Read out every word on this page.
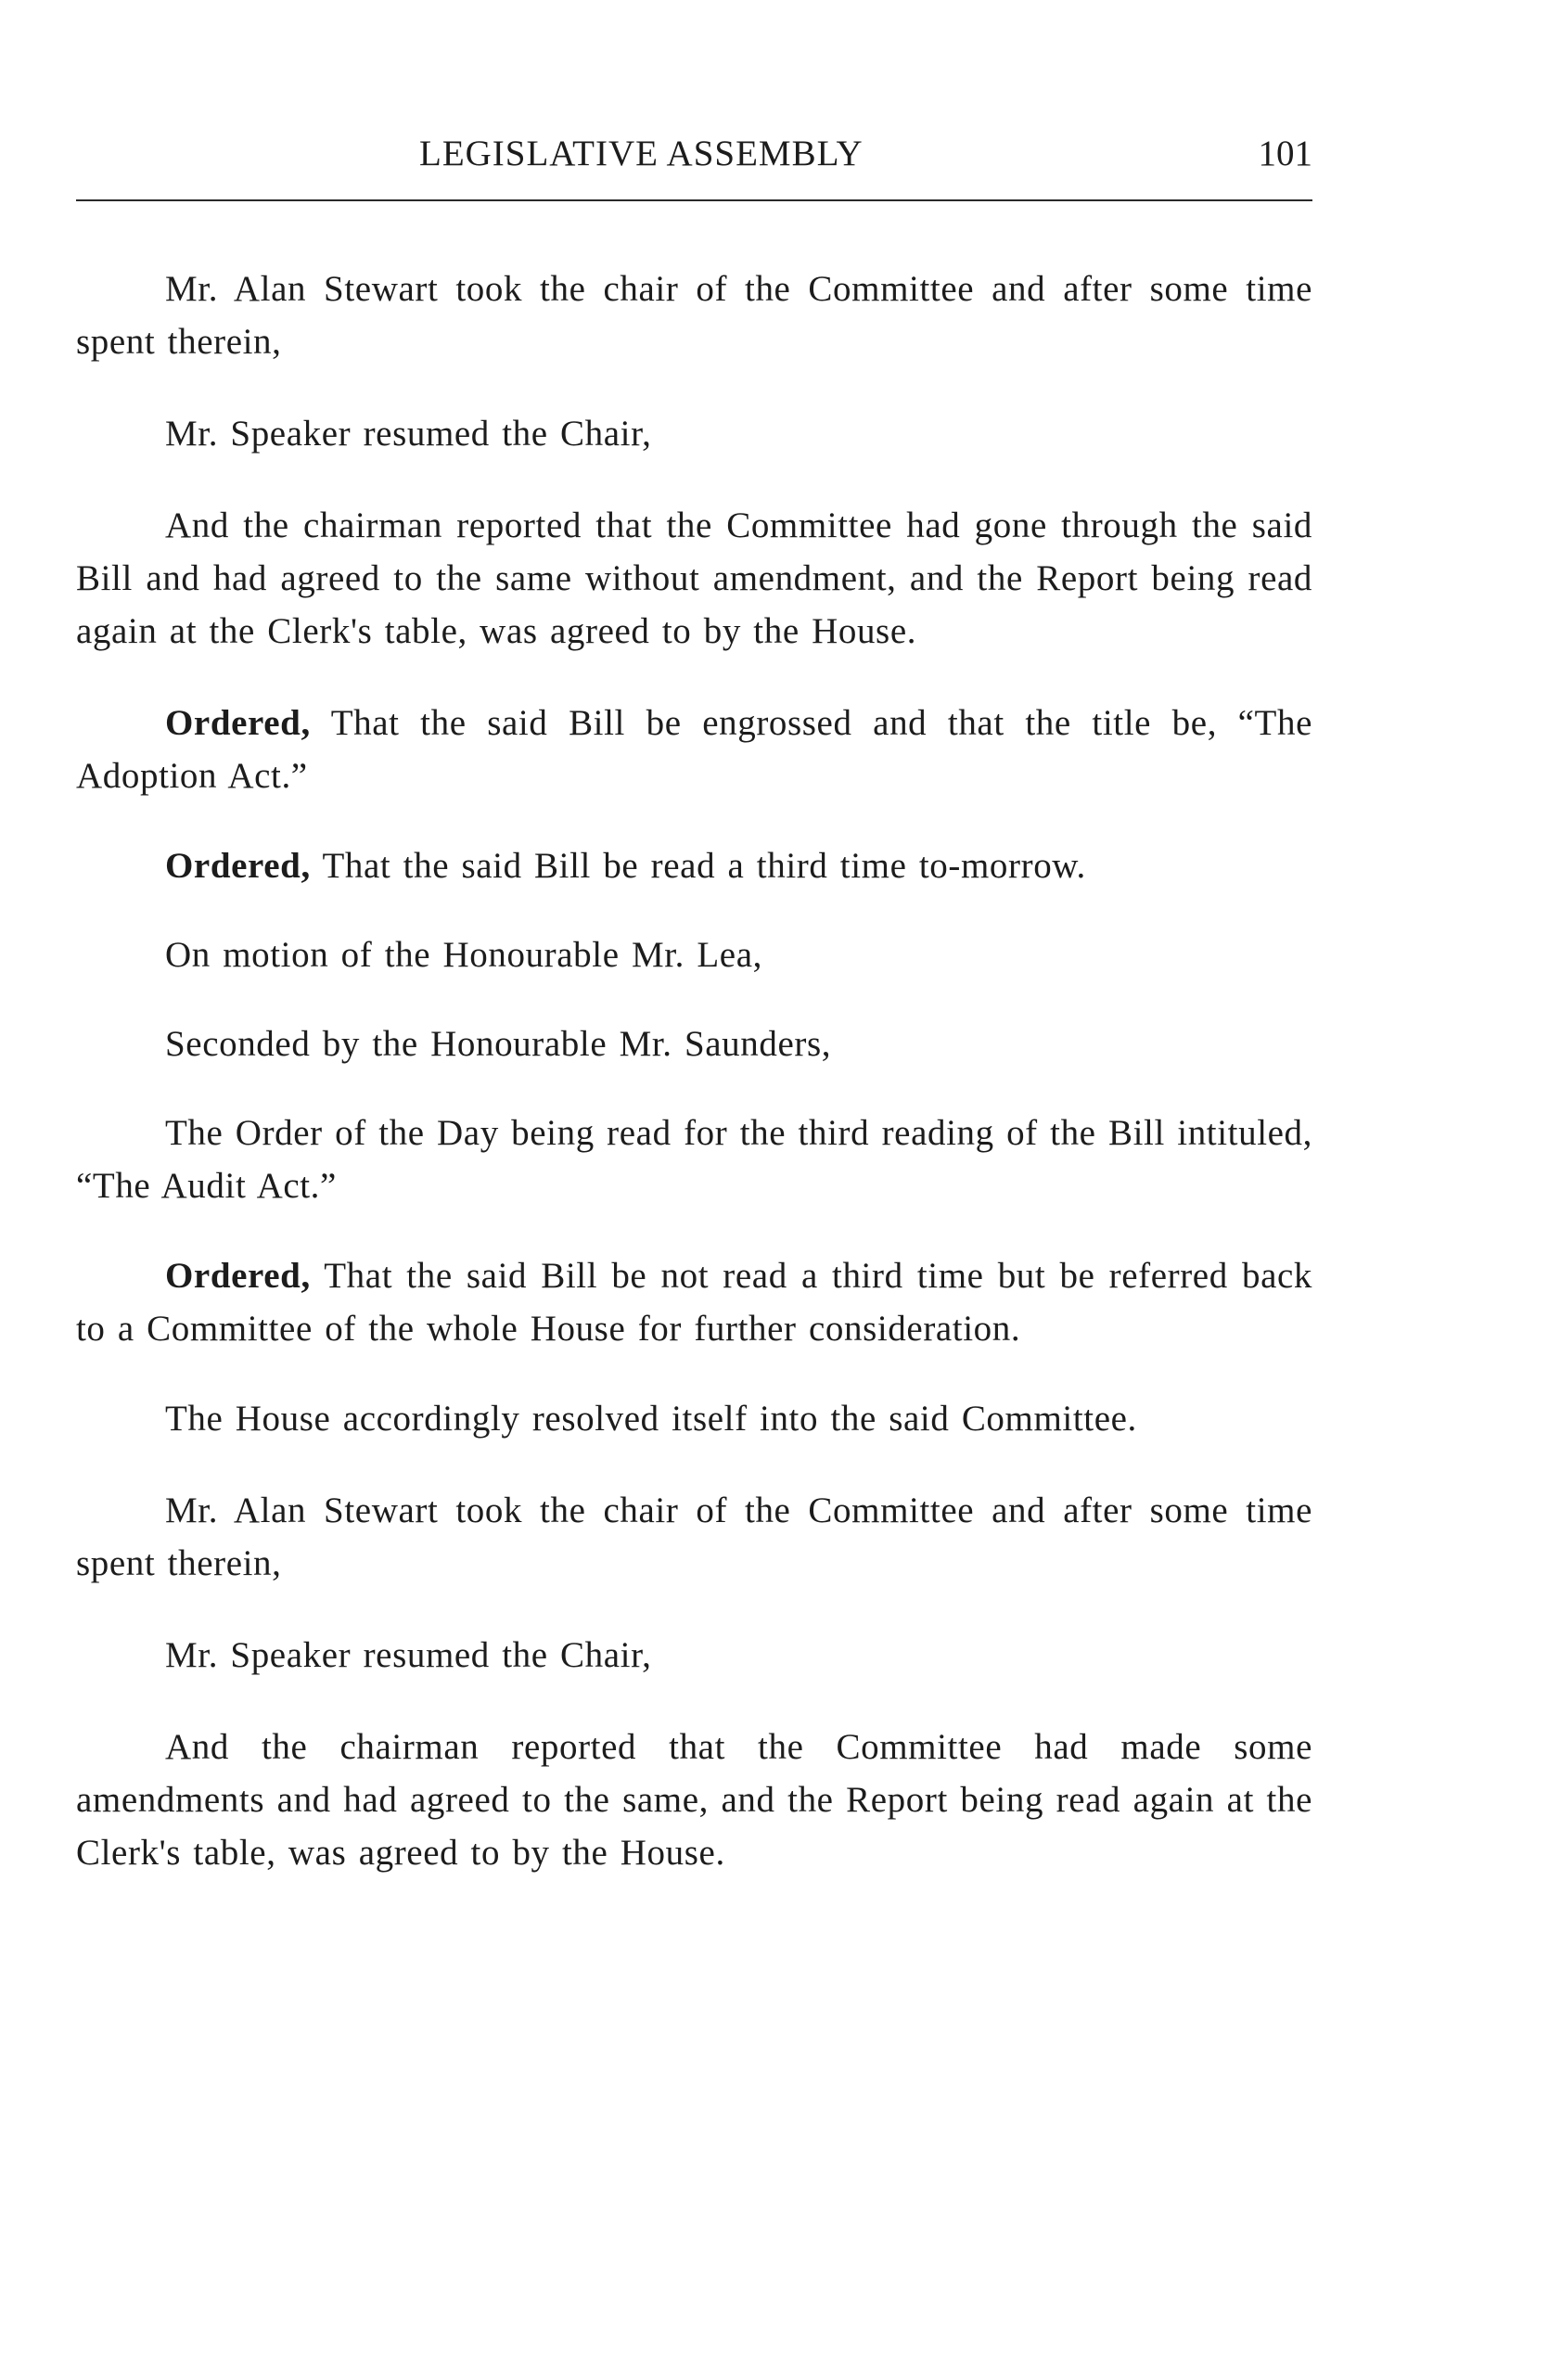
LEGISLATIVE ASSEMBLY	101

Mr. Alan Stewart took the chair of the Committee and after some time spent therein,

Mr. Speaker resumed the Chair,

And the chairman reported that the Committee had gone through the said Bill and had agreed to the same without amendment, and the Report being read again at the Clerk's table, was agreed to by the House.

Ordered, That the said Bill be engrossed and that the title be, “The Adoption Act.”

Ordered, That the said Bill be read a third time to-morrow.

On motion of the Honourable Mr. Lea,

Seconded by the Honourable Mr. Saunders,

The Order of the Day being read for the third reading of the Bill intituled, “The Audit Act.”

Ordered, That the said Bill be not read a third time but be referred back to a Committee of the whole House for further consideration.

The House accordingly resolved itself into the said Committee.

Mr. Alan Stewart took the chair of the Committee and after some time spent therein,

Mr. Speaker resumed the Chair,

And the chairman reported that the Committee had made some amendments and had agreed to the same, and the Report being read again at the Clerk's table, was agreed to by the House.
